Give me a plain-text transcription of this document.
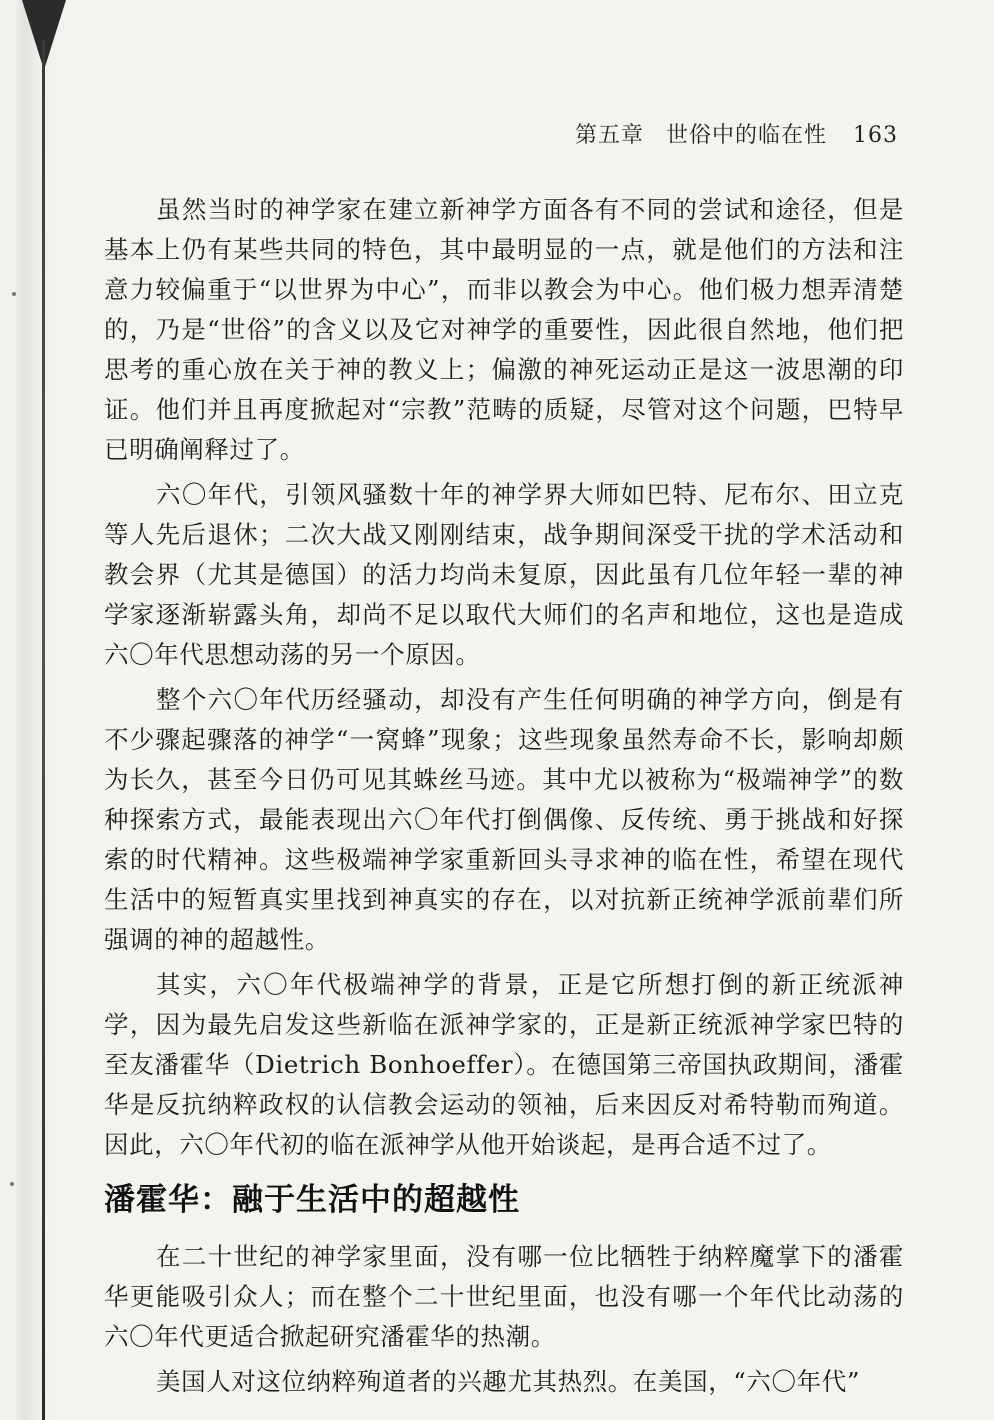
第五章 世俗中的临在性 163

虽然当时的神学家在建立新神学方面各有不同的尝试和途径，但是基本上仍有某些共同的特色，其中最明显的一点，就是他们的方法和注意力较偏重于“以世界为中心”，而非以教会为中心。他们极力想弄清楚的，乃是“世俗”的含义以及它对神学的重要性，因此很自然地，他们把思考的重心放在关于神的教义上；偏激的神死运动正是这一波思潮的印证。他们并且再度掀起对“宗教”范畴的质疑，尽管对这个问题，巴特早已明确阐释过了。

六〇年代，引领风骚数十年的神学界大师如巴特、尼布尔、田立克等人先后退休；二次大战又刚刚结束，战争期间深受干扰的学术活动和教会界（尤其是德国）的活力均尚未复原，因此虽有几位年轻一辈的神学家逐渐崭露头角，却尚不足以取代大师们的名声和地位，这也是造成六〇年代思想动荡的另一个原因。

整个六〇年代历经骚动，却没有产生任何明确的神学方向，倒是有不少骤起骤落的神学“一窝蜂”现象；这些现象虽然寿命不长，影响却颇为长久，甚至今日仍可见其蛛丝马迹。其中尤以被称为“极端神学”的数种探索方式，最能表现出六〇年代打倒偶像、反传统、勇于挑战和好探索的时代精神。这些极端神学家重新回头寻求神的临在性，希望在现代生活中的短暂真实里找到神真实的存在，以对抗新正统神学派前辈们所强调的神的超越性。

其实，六〇年代极端神学的背景，正是它所想打倒的新正统派神学，因为最先启发这些新临在派神学家的，正是新正统派神学家巴特的至友潘霍华（Dietrich Bonhoeffer）。在德国第三帝国执政期间，潘霍华是反抗纳粹政权的认信教会运动的领袖，后来因反对希特勒而殉道。因此，六〇年代初的临在派神学从他开始谈起，是再合适不过了。

潘霍华：融于生活中的超越性

在二十世纪的神学家里面，没有哪一位比牺牲于纳粹魔掌下的潘霍华更能吸引众人；而在整个二十世纪里面，也没有哪一个年代比动荡的六〇年代更适合掀起研究潘霍华的热潮。

美国人对这位纳粹殉道者的兴趣尤其热烈。在美国，“六〇年代”
